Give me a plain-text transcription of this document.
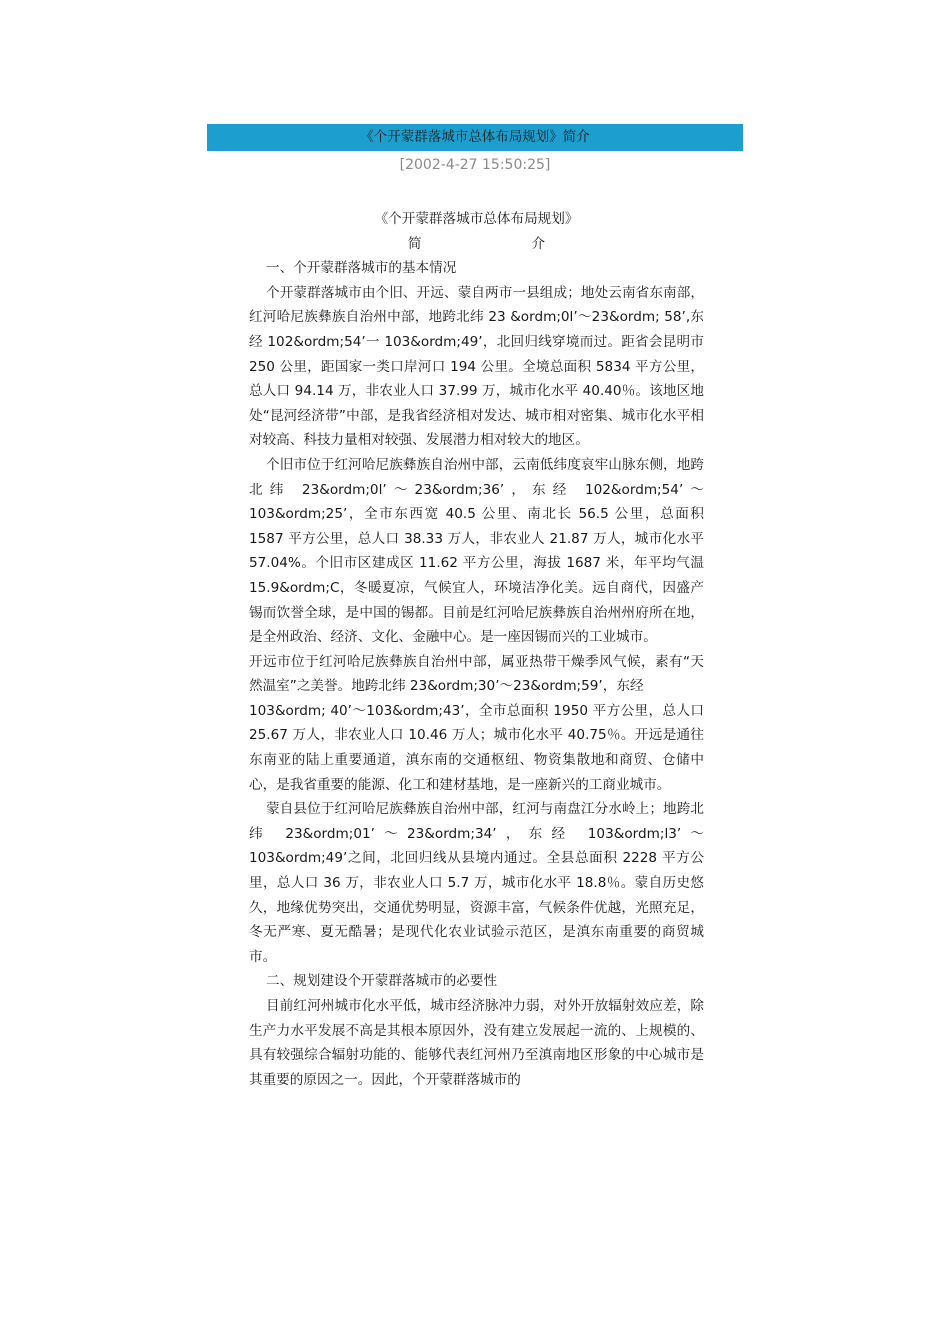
《个开蒙群落城市总体布局规划》简介
[2002-4-27 15:50:25]

《个开蒙群落城市总体布局规划》

简	介

一、个开蒙群落城市的基本情况

个开蒙群落城市由个旧、开远、蒙自两市一县组成；地处云南省东南部，红河哈尼族彝族自治州中部，地跨北纬 23 &ordm;0l’～23&ordm; 58’,东经 102&ordm;54’一 103&ordm;49’，北回归线穿境而过。距省会昆明市 250 公里，距国家一类口岸河口 194 公里。全境总面积 5834 平方公里，总人口 94.14 万，非农业人口 37.99 万，城市化水平 40.40％。该地区地处“昆河经济带”中部，是我省经济相对发达、城市相对密集、城市化水平相对较高、科技力量相对较强、发展潜力相对较大的地区。

个旧市位于红河哈尼族彝族自治州中部，云南低纬度哀牢山脉东侧，地跨北纬 23&ordm;0l’～23&ordm;36’，东经 102&ordm;54’～103&ordm;25’，全市东西宽 40.5 公里、南北长 56.5 公里，总面积 1587 平方公里，总人口 38.33 万人，非农业人 21.87 万人，城市化水平 57.04%。个旧市区建成区 11.62 平方公里，海拔 1687 米，年平均气温 15.9&ordm;C，冬暖夏凉，气候宜人，环境洁净化美。远自商代，因盛产锡而饮誉全球，是中国的锡都。目前是红河哈尼族彝族自治州州府所在地，是全州政治、经济、文化、金融中心。是一座因锡而兴的工业城市。

开远市位于红河哈尼族彝族自治州中部，属亚热带干燥季风气候，素有“天然温室”之美誉。地跨北纬 23&ordm;30’～23&ordm;59’，东经

103&ordm; 40’～103&ordm;43’，全市总面积 1950 平方公里，总人口 25.67 万人，非农业人口 10.46 万人；城市化水平 40.75％。开远是通往东南亚的陆上重要通道，滇东南的交通枢纽、物资集散地和商贸、仓储中心，是我省重要的能源、化工和建材基地，是一座新兴的工商业城市。

蒙自县位于红河哈尼族彝族自治州中部，红河与南盘江分水岭上；地跨北纬 23&ordm;01’～23&ordm;34’，东经 103&ordm;l3’～103&ordm;49’之间，北回归线从县境内通过。全县总面积 2228 平方公里，总人口 36 万，非农业人口 5.7 万，城市化水平 18.8％。蒙自历史悠久，地缘优势突出，交通优势明显，资源丰富，气候条件优越，光照充足，冬无严寒、夏无酷暑；是现代化农业试验示范区，是滇东南重要的商贸城市。

二、规划建设个开蒙群落城市的必要性

目前红河州城市化水平低，城市经济脉冲力弱，对外开放辐射效应差，除生产力水平发展不高是其根本原因外，没有建立发展起一流的、上规模的、具有较强综合辐射功能的、能够代表红河州乃至滇南地区形象的中心城市是其重要的原因之一。因此，个开蒙群落城市的
